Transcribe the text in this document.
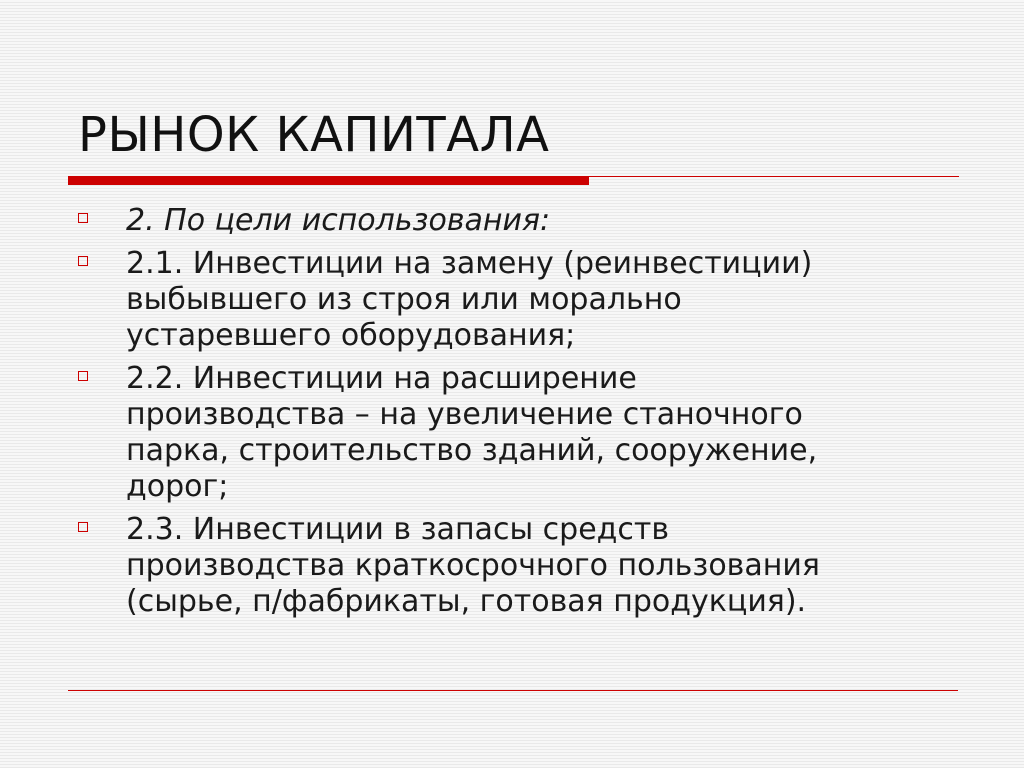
РЫНОК КАПИТАЛА
2. По цели использования:
2.1. Инвестиции на замену (реинвестиции)
выбывшего из строя или морально
устаревшего оборудования;
2.2. Инвестиции на расширение
производства – на увеличение станочного
парка, строительство зданий, сооружение,
дорог;
2.3. Инвестиции в запасы средств
производства краткосрочного пользования
(сырье, п/фабрикаты, готовая продукция).
